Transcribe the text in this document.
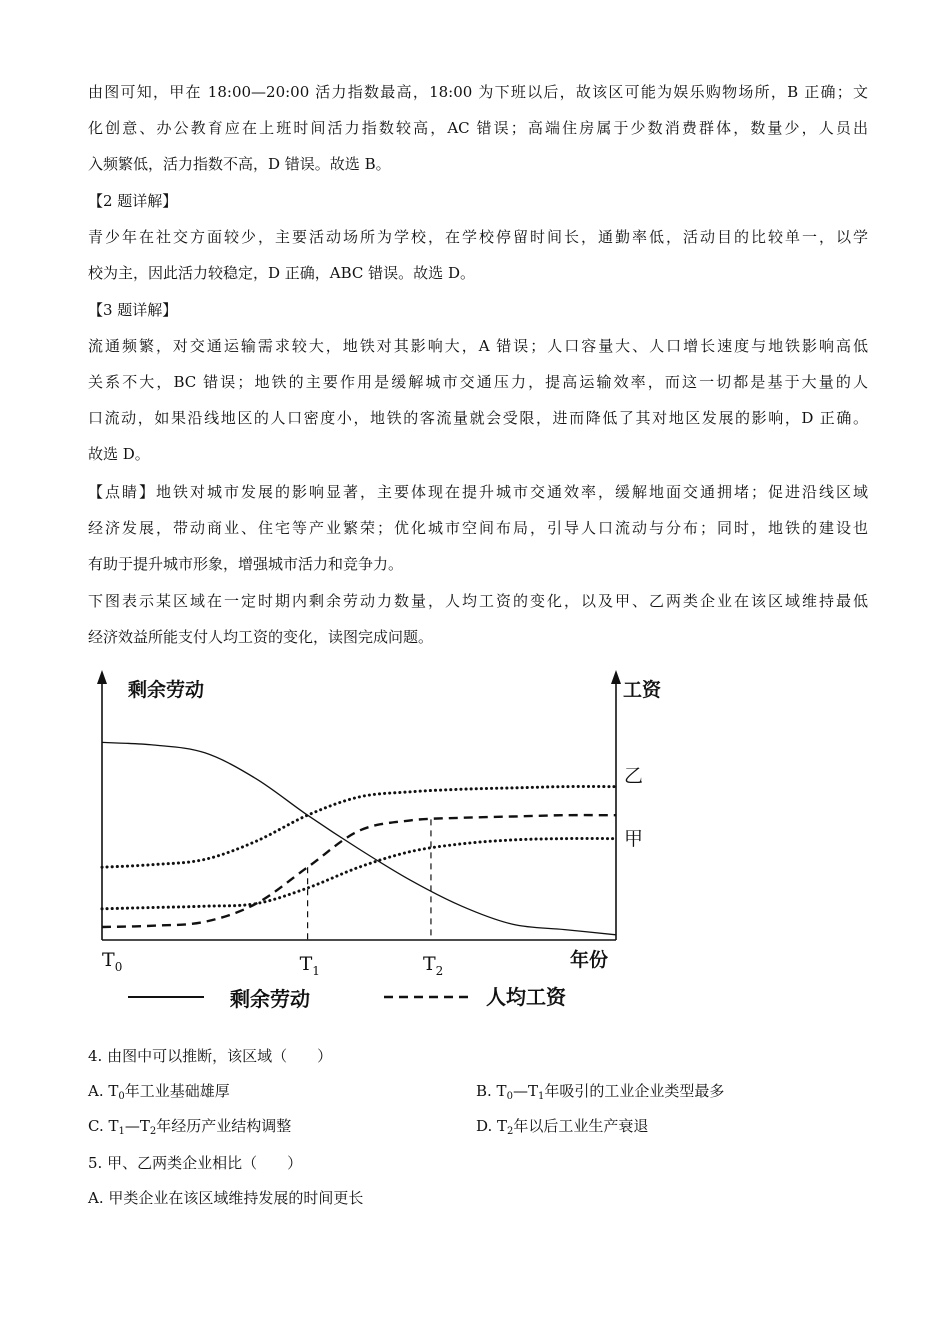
由图可知，甲在 18:00—20:00 活力指数最高，18:00 为下班以后，故该区可能为娱乐购物场所，B 正确；文
化创意、办公教育应在上班时间活力指数较高，AC 错误；高端住房属于少数消费群体，数量少，人员出
入频繁低，活力指数不高，D 错误。故选 B。
【2 题详解】
青少年在社交方面较少，主要活动场所为学校，在学校停留时间长，通勤率低，活动目的比较单一，以学
校为主，因此活力较稳定，D 正确，ABC 错误。故选 D。
【3 题详解】
流通频繁，对交通运输需求较大，地铁对其影响大，A 错误；人口容量大、人口增长速度与地铁影响高低
关系不大，BC 错误；地铁的主要作用是缓解城市交通压力，提高运输效率，而这一切都是基于大量的人
口流动，如果沿线地区的人口密度小，地铁的客流量就会受限，进而降低了其对地区发展的影响，D 正确。
故选 D。
【点睛】地铁对城市发展的影响显著，主要体现在提升城市交通效率，缓解地面交通拥堵；促进沿线区域
经济发展，带动商业、住宅等产业繁荣；优化城市空间布局，引导人口流动与分布；同时，地铁的建设也
有助于提升城市形象，增强城市活力和竞争力。
下图表示某区域在一定时期内剩余劳动力数量，人均工资的变化，以及甲、乙两类企业在该区域维持最低
经济效益所能支付人均工资的变化，读图完成问题。
剩余劳动	工资
年份
乙
甲
$T_0$	$T_1$	$T_2$
剩余劳动	人均工资
4. 由图中可以推断，该区域（　　）
A. $T_0$年工业基础雄厚	B. $T_0—T_1$年吸引的工业企业类型最多
C. $T_1—T_2$年经历产业结构调整	D. $T_2$年以后工业生产衰退
5. 甲、乙两类企业相比（　　）
A. 甲类企业在该区域维持发展的时间更长
